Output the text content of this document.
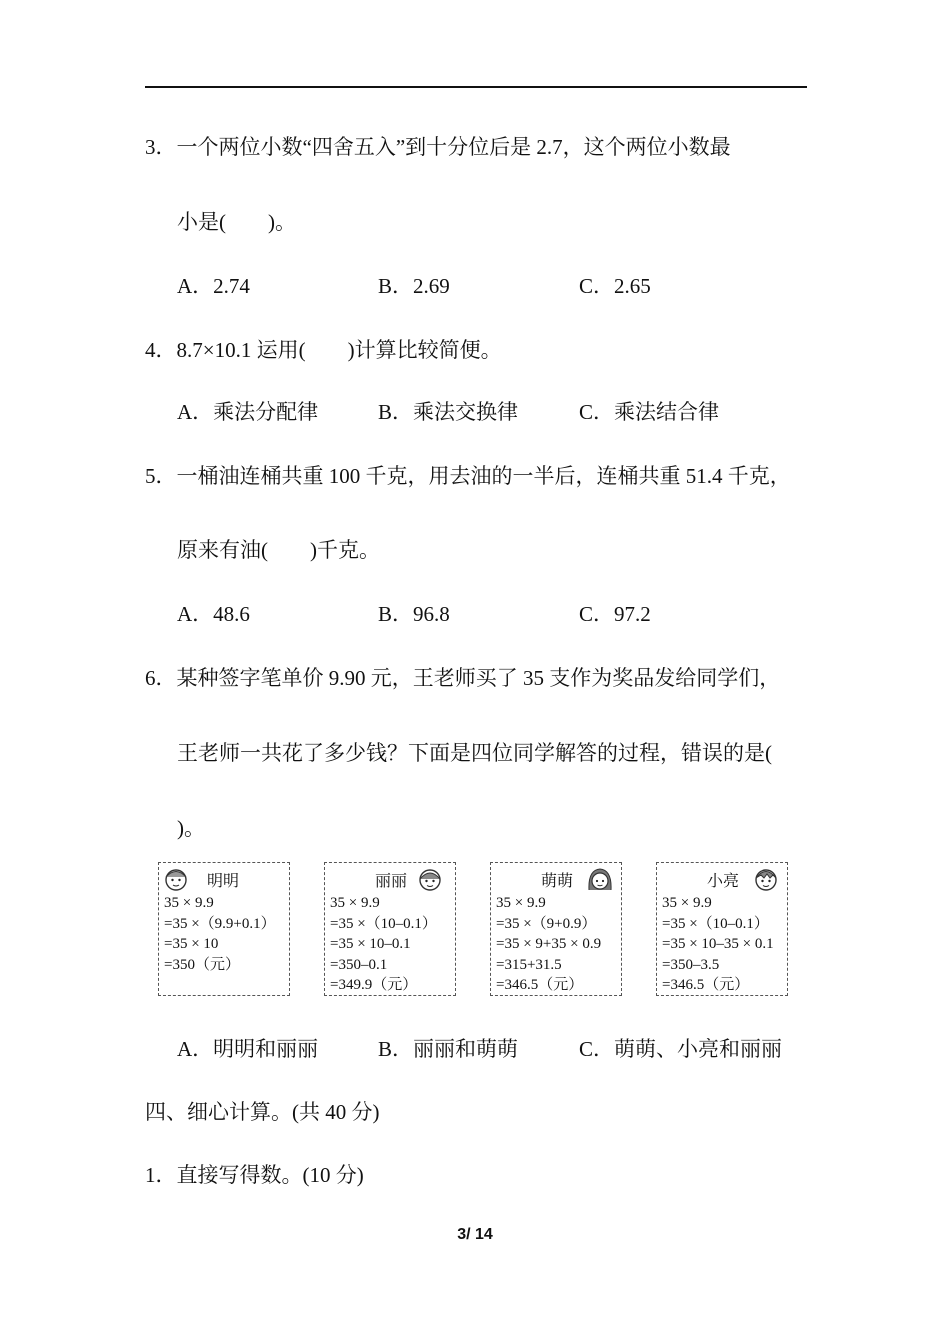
3．一个两位小数“四舍五入”到十分位后是 2.7，这个两位小数最
小是(　　)。
A．2.74	B．2.69	C．2.65
4．8.7×10.1 运用(　　)计算比较简便。
A．乘法分配律	B．乘法交换律	C．乘法结合律
5．一桶油连桶共重 100 千克，用去油的一半后，连桶共重 51.4 千克，
原来有油(　　)千克。
A．48.6	B．96.8	C．97.2
6．某种签字笔单价 9.90 元，王老师买了 35 支作为奖品发给同学们，
王老师一共花了多少钱？下面是四位同学解答的过程，错误的是(
)。
明明
35 × 9.9
=35 ×（9.9+0.1）
=35 × 10
=350（元）
丽丽
35 × 9.9
=35 ×（10–0.1）
=35 × 10–0.1
=350–0.1
=349.9（元）
萌萌
35 × 9.9
=35 ×（9+0.9）
=35 × 9+35 × 0.9
=315+31.5
=346.5（元）
小亮
35 × 9.9
=35 ×（10–0.1）
=35 × 10–35 × 0.1
=350–3.5
=346.5（元）
A．明明和丽丽	B．丽丽和萌萌	C．萌萌、小亮和丽丽
四、细心计算。(共 40 分)
1．直接写得数。(10 分)
3/ 14
